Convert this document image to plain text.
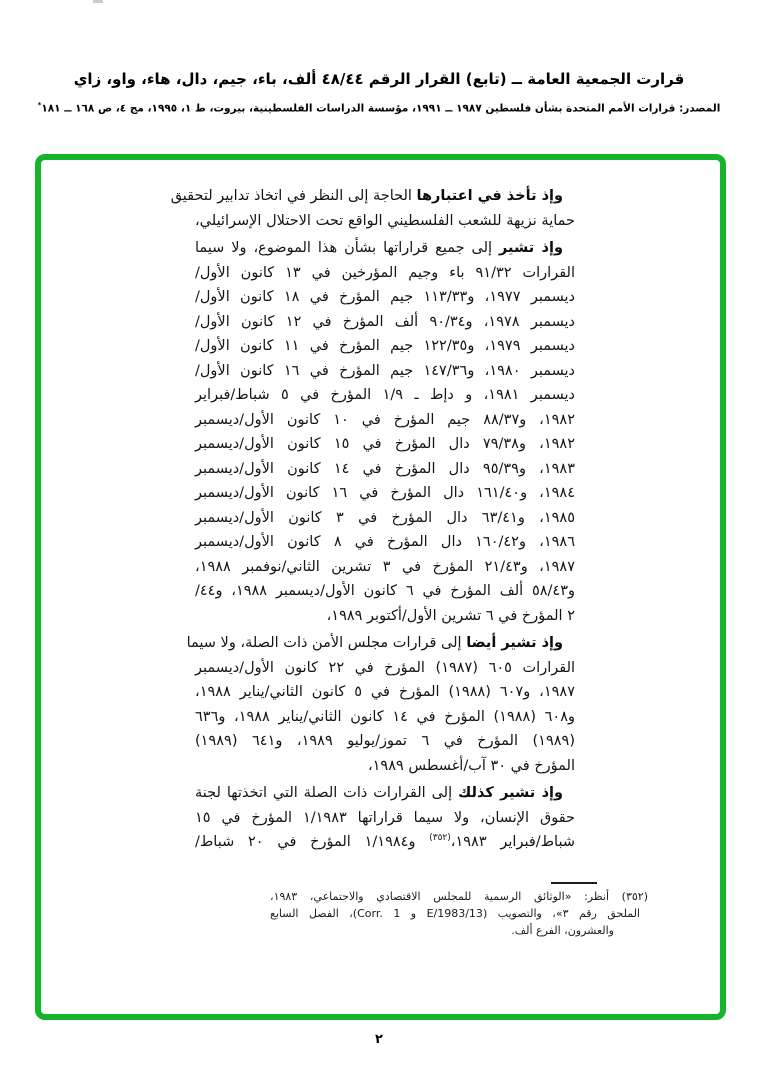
قرارت الجمعية العامة ــ (تابع) القرار الرقم ٤٨/٤٤ ألف، باء، جيم، دال، هاء، واو، زاي
المصدر: قرارات الأمم المتحدة بشأن فلسطين ١٩٨٧ ــ ١٩٩١، مؤسسة الدراسات الفلسطينية، بيروت، ط ١، ١٩٩٥، مج ٤، ص ١٦٨ ــ ١٨١*
وإذ تأخذ في اعتبارها الحاجة إلى النظر في اتخاذ تدابير لتحقيق
حماية نزيهة للشعب الفلسطيني الواقع تحت الاحتلال الإسرائيلي،
وإذ تشير إلى جميع قراراتها بشأن هذا الموضوع، ولا سيما
القرارات ٩١/٣٢ باء وجيم المؤرخين في ١٣ كانون الأول/
ديسمبر ١٩٧٧، و١١٣/٣٣ جيم المؤرخ في ١٨ كانون الأول/
ديسمبر ١٩٧٨، و٩٠/٣٤ ألف المؤرخ في ١٢ كانون الأول/
ديسمبر ١٩٧٩، و١٢٢/٣٥ جيم المؤرخ في ١١ كانون الأول/
ديسمبر ١٩٨٠، و١٤٧/٣٦ جيم المؤرخ في ١٦ كانون الأول/
ديسمبر ١٩٨١، و دإط ـ ١/٩ المؤرخ في ٥ شباط/فبراير
١٩٨٢، و٨٨/٣٧ جيم المؤرخ في ١٠ كانون الأول/ديسمبر
١٩٨٢، و٧٩/٣٨ دال المؤرخ في ١٥ كانون الأول/ديسمبر
١٩٨٣، و٩٥/٣٩ دال المؤرخ في ١٤ كانون الأول/ديسمبر
١٩٨٤، و١٦١/٤٠ دال المؤرخ في ١٦ كانون الأول/ديسمبر
١٩٨٥، و٦٣/٤١ دال المؤرخ في ٣ كانون الأول/ديسمبر
١٩٨٦، و١٦٠/٤٢ دال المؤرخ في ٨ كانون الأول/ديسمبر
١٩٨٧، و٢١/٤٣ المؤرخ في ٣ تشرين الثاني/نوفمبر ١٩٨٨،
و٥٨/٤٣ ألف المؤرخ في ٦ كانون الأول/ديسمبر ١٩٨٨، و٤٤/
٢ المؤرخ في ٦ تشرين الأول/أكتوبر ١٩٨٩،
وإذ تشير أيضا إلى قرارات مجلس الأمن ذات الصلة، ولا سيما
القرارات ٦٠٥ (١٩٨٧) المؤرخ في ٢٢ كانون الأول/ديسمبر
١٩٨٧، و٦٠٧ (١٩٨٨) المؤرخ في ٥ كانون الثاني/يناير ١٩٨٨،
و٦٠٨ (١٩٨٨) المؤرخ في ١٤ كانون الثاني/يناير ١٩٨٨، و٦٣٦
(١٩٨٩) المؤرخ في ٦ تموز/يوليو ١٩٨٩، و٦٤١ (١٩٨٩)
المؤرخ في ٣٠ آب/أغسطس ١٩٨٩،
وإذ تشير كذلك إلى القرارات ذات الصلة التي اتخذتها لجنة
حقوق الإنسان، ولا سيما قراراتها ١/١٩٨٣ المؤرخ في ١٥
شباط/فبراير ١٩٨٣،$^{(٣٥٢)}$ و١/١٩٨٤ المؤرخ في ٢٠ شباط/
(٣٥٢) أنظر: «الوثائق الرسمية للمجلس الاقتصادي والاجتماعي، ١٩٨٣،
الملحق رقم ٣»، والتصويب (E/1983/13 و Corr. 1)، الفصل السابع
والعشرون، الفرع ألف.
٢
